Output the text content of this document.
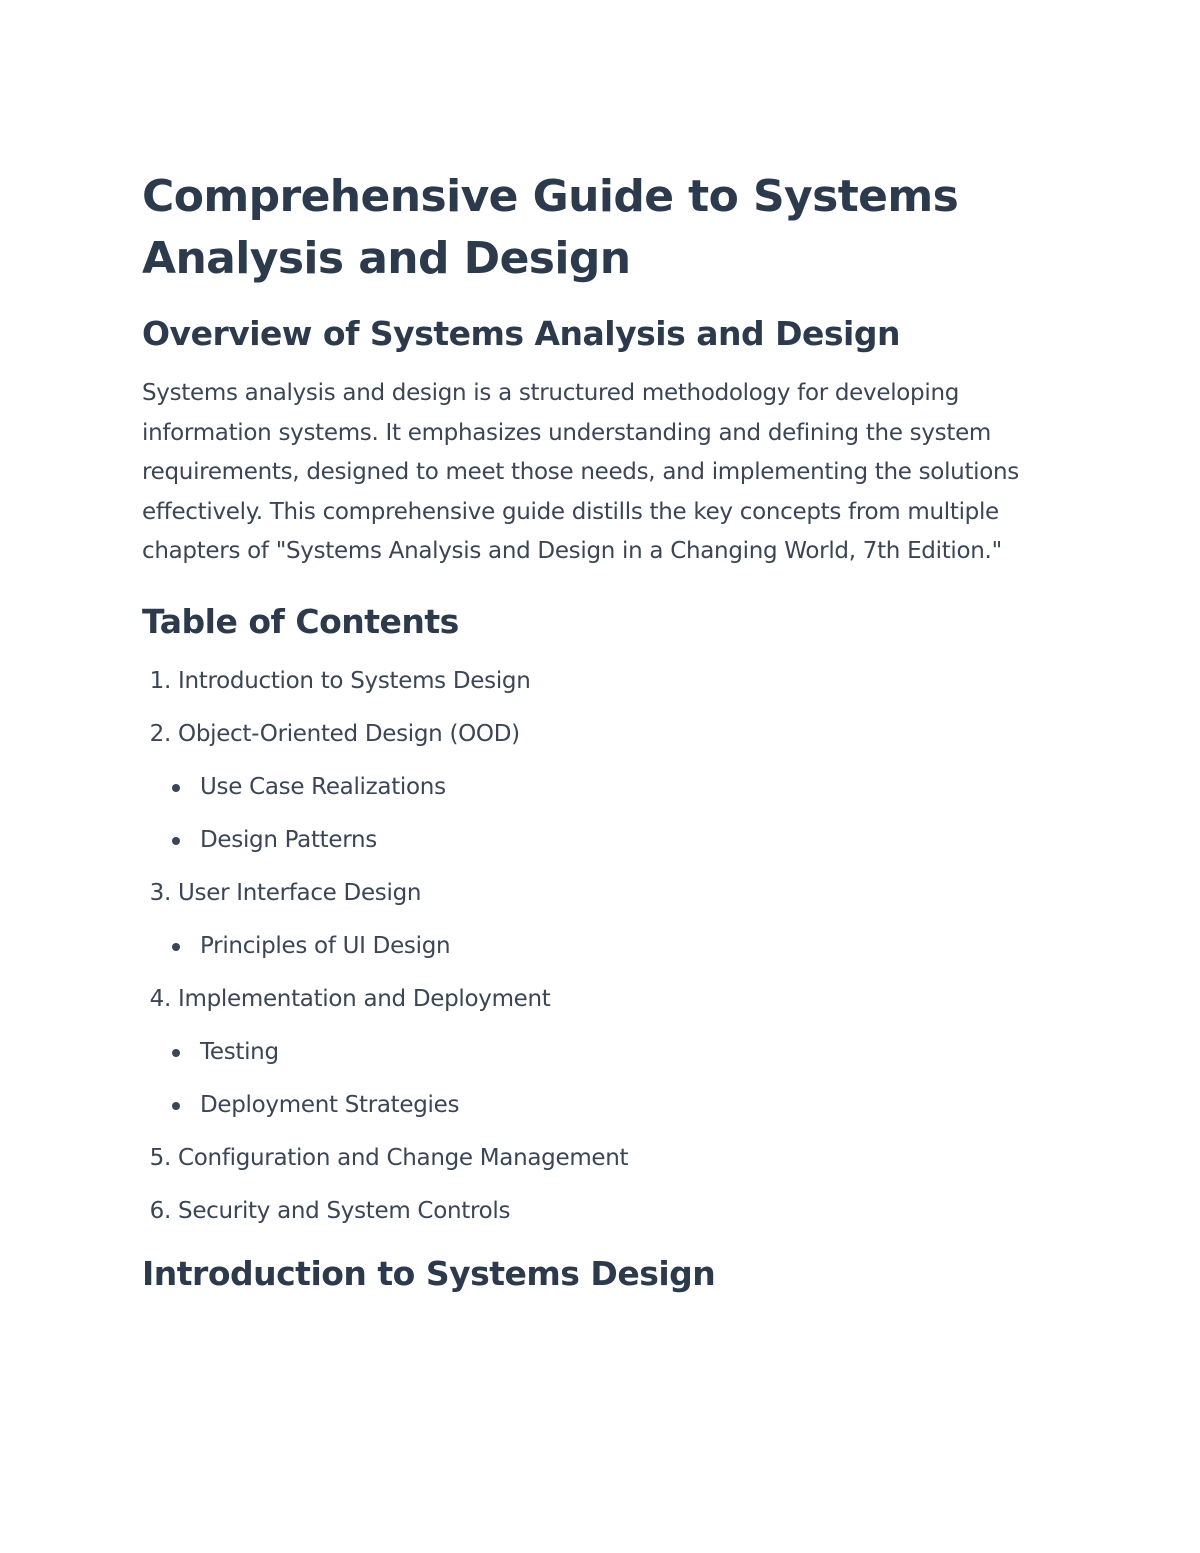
Comprehensive Guide to Systems Analysis and Design
Overview of Systems Analysis and Design

Systems analysis and design is a structured methodology for developing information systems. It emphasizes understanding and defining the system requirements, designed to meet those needs, and implementing the solutions effectively. This comprehensive guide distills the key concepts from multiple chapters of "Systems Analysis and Design in a Changing World, 7th Edition."

Table of Contents
1. Introduction to Systems Design
2. Object-Oriented Design (OOD)
Use Case Realizations
Design Patterns
3. User Interface Design
Principles of UI Design
4. Implementation and Deployment
Testing
Deployment Strategies
5. Configuration and Change Management
6. Security and System Controls
Introduction to Systems Design
